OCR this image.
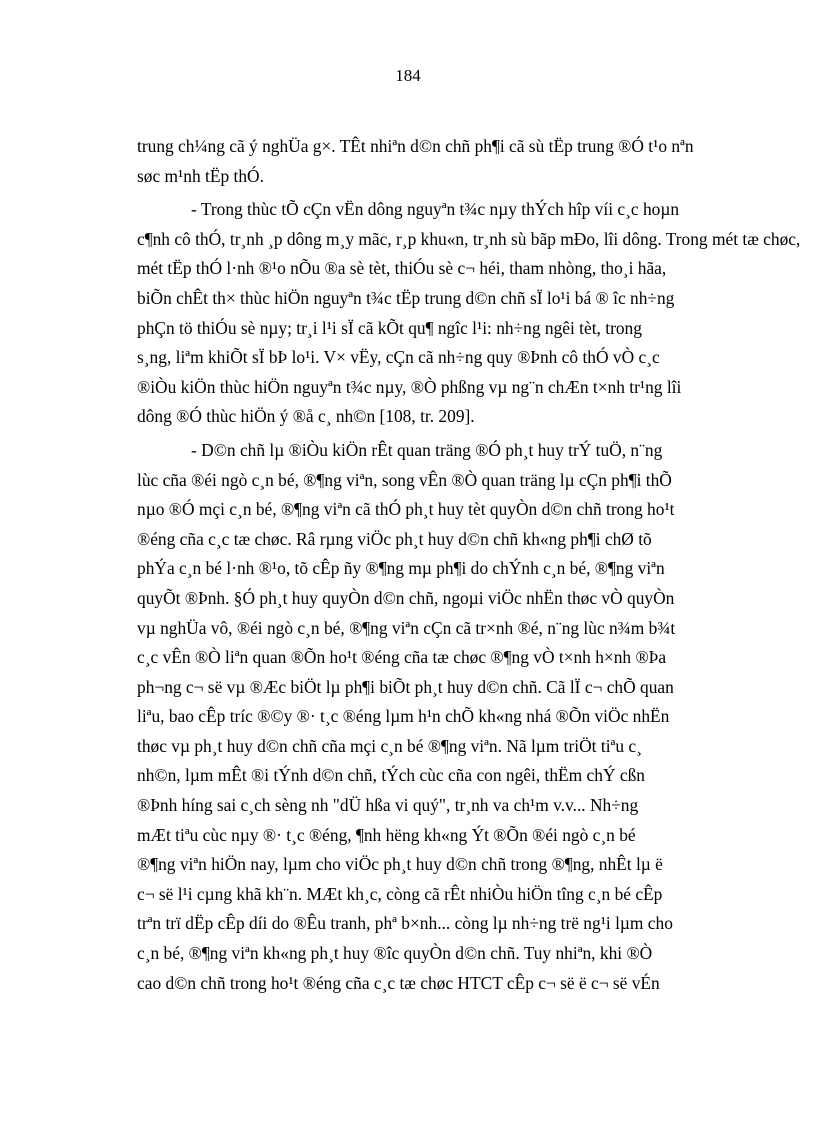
184

trung ch¼ng cã ý nghÜa g×. TÊt nhiªn d©n chñ ph¶i cã sù tËp trung ®Ó t¹o nªn
søc m¹nh tËp thÓ.

- Trong thùc tÕ cÇn vËn dông nguyªn t¾c nµy thÝch hîp víi c¸c hoµn
c¶nh cô thÓ, tr¸nh ¸p dông m¸y mãc, r¸p khu«n, tr¸nh sù bãp mÐo, lîi dông. Trong mét tæ chøc,
mét tËp thÓ l·nh ®¹o nÕu ®a sè tèt, thiÓu sè c¬ héi, tham nhòng, tho¸i hãa,
biÕn chÊt th× thùc hiÖn nguyªn t¾c tËp trung d©n chñ sÏ lo¹i bá ® îc nh÷ng
phÇn tö thiÓu sè nµy; tr¸i l¹i sÏ cã kÕt qu¶ ngîc l¹i: nh÷ng ngêi tèt, trong
s¸ng, liªm khiÕt sÏ bÞ lo¹i. V× vËy, cÇn cã nh÷ng quy ®Þnh cô thÓ vÒ c¸c
®iÒu kiÖn thùc hiÖn nguyªn t¾c nµy, ®Ò phßng vµ ng¨n chÆn t×nh tr¹ng lîi
dông ®Ó thùc hiÖn ý ®å c¸ nh©n [108, tr. 209].

- D©n chñ lµ ®iÒu kiÖn rÊt quan träng ®Ó ph¸t huy trÝ tuÖ, n¨ng
lùc cña ®éi ngò c¸n bé, ®¶ng viªn, song vÊn ®Ò quan träng lµ cÇn ph¶i thÕ
nµo ®Ó mçi c¸n bé, ®¶ng viªn cã thÓ ph¸t huy tèt quyÒn d©n chñ trong ho¹t
®éng cña c¸c tæ chøc. Râ rµng viÖc ph¸t huy d©n chñ kh«ng ph¶i chØ tõ
phÝa c¸n bé l·nh ®¹o, tõ cÊp ñy ®¶ng mµ ph¶i do chÝnh c¸n bé, ®¶ng viªn
quyÕt ®Þnh. §Ó ph¸t huy quyÒn d©n chñ, ngoµi viÖc nhËn thøc vÒ quyÒn
vµ nghÜa vô, ®éi ngò c¸n bé, ®¶ng viªn cÇn cã tr×nh ®é, n¨ng lùc n¾m b¾t
c¸c vÊn ®Ò liªn quan ®Õn ho¹t ®éng cña tæ chøc ®¶ng vÒ t×nh h×nh ®Þa
ph¬ng c¬ së vµ ®Æc biÖt lµ ph¶i biÕt ph¸t huy d©n chñ. Cã lÏ c¬ chÕ quan
liªu, bao cÊp tríc ®©y ®· t¸c ®éng lµm h¹n chÕ kh«ng nhá ®Õn viÖc nhËn
thøc vµ ph¸t huy d©n chñ cña mçi c¸n bé ®¶ng viªn. Nã lµm triÖt tiªu c¸
nh©n, lµm mÊt ®i tÝnh d©n chñ, tÝch cùc cña con ngêi, thËm chÝ cßn
®Þnh híng sai c¸ch sèng nh "dÜ hßa vi quý", tr¸nh va ch¹m v.v... Nh÷ng
mÆt tiªu cùc nµy ®· t¸c ®éng, ¶nh hëng kh«ng Ýt ®Õn ®éi ngò c¸n bé
®¶ng viªn hiÖn nay, lµm cho viÖc ph¸t huy d©n chñ trong ®¶ng, nhÊt lµ ë
c¬ së l¹i cµng khã kh¨n. MÆt kh¸c, còng cã rÊt nhiÒu hiÖn tîng c¸n bé cÊp
trªn trï dËp cÊp díi do ®Êu tranh, phª b×nh... còng lµ nh÷ng trë ng¹i lµm cho
c¸n bé, ®¶ng viªn kh«ng ph¸t huy ®îc quyÒn d©n chñ. Tuy nhiªn, khi ®Ò
cao d©n chñ trong ho¹t ®éng cña c¸c tæ chøc HTCT cÊp c¬ së ë c¬ së vÉn
